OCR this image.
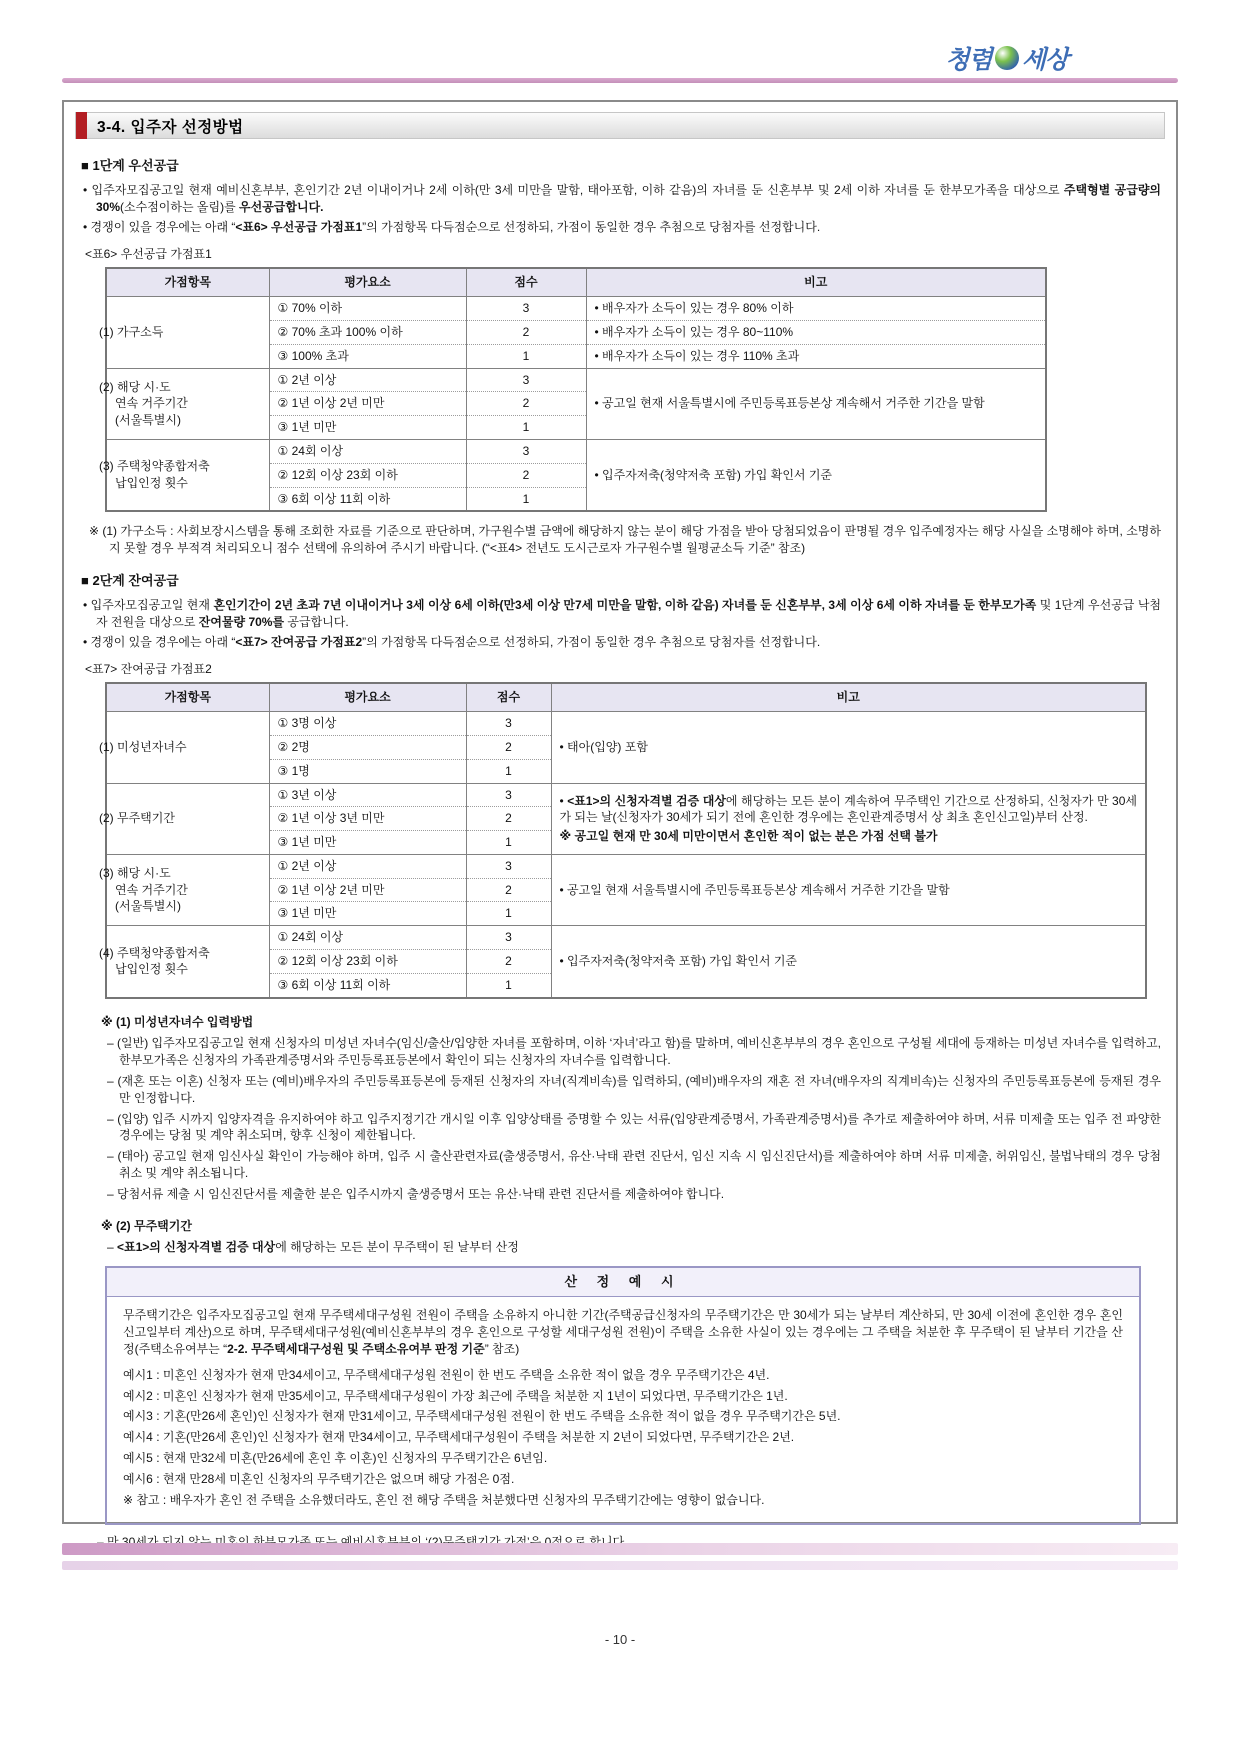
청렴 세상
3-4. 입주자 선정방법
■ 1단계 우선공급
• 입주자모집공고일 현재 예비신혼부부, 혼인기간 2년 이내이거나 2세 이하(만 3세 미만을 말함, 태아포함, 이하 같음)의 자녀를 둔 신혼부부 및 2세 이하 자녀를 둔 한부모가족을 대상으로 주택형별 공급량의 30%(소수점이하는 올림)를 우선공급합니다.
• 경쟁이 있을 경우에는 아래 “<표6> 우선공급 가점표1”의 가점항목 다득점순으로 선정하되, 가점이 동일한 경우 추첨으로 당첨자를 선정합니다.
<표6> 우선공급 가점표1
가점항목	평가요소	점수	비고
(1) 가구소득	① 70% 이하	3	• 배우자가 소득이 있는 경우 80% 이하
	② 70% 초과 100% 이하	2	• 배우자가 소득이 있는 경우 80~110%
	③ 100% 초과	1	• 배우자가 소득이 있는 경우 110% 초과
(2) 해당 시·도
연속 거주기간
(서울특별시)	① 2년 이상	3	• 공고일 현재 서울특별시에 주민등록표등본상 계속해서 거주한 기간을 말함
	② 1년 이상 2년 미만	2	
	③ 1년 미만	1	
(3) 주택청약종합저축
납입인정 횟수	① 24회 이상	3	• 입주자저축(청약저축 포함) 가입 확인서 기준
	② 12회 이상 23회 이하	2	
	③ 6회 이상 11회 이하	1	
※ (1) 가구소득 : 사회보장시스템을 통해 조회한 자료를 기준으로 판단하며, 가구원수별 금액에 해당하지 않는 분이 해당 가점을 받아 당첨되었음이 판명될 경우 입주예정자는 해당 사실을 소명해야 하며, 소명하지 못할 경우 부적격 처리되오니 점수 선택에 유의하여 주시기 바랍니다. (“<표4> 전년도 도시근로자 가구원수별 월평균소득 기준” 참조)
■ 2단계 잔여공급
• 입주자모집공고일 현재 혼인기간이 2년 초과 7년 이내이거나 3세 이상 6세 이하(만3세 이상 만7세 미만을 말함, 이하 같음) 자녀를 둔 신혼부부, 3세 이상 6세 이하 자녀를 둔 한부모가족 및 1단계 우선공급 낙첨자 전원을 대상으로 잔여물량 70%를 공급합니다.
• 경쟁이 있을 경우에는 아래 “<표7> 잔여공급 가점표2”의 가점항목 다득점순으로 선정하되, 가점이 동일한 경우 추첨으로 당첨자를 선정합니다.
<표7> 잔여공급 가점표2
가점항목	평가요소	점수	비고
(1) 미성년자녀수	① 3명 이상	3	• 태아(입양) 포함
	② 2명	2	
	③ 1명	1	
(2) 무주택기간	① 3년 이상	3	• <표1>의 신청자격별 검증 대상에 해당하는 모든 분이 계속하여 무주택인 기간으로 산정하되, 신청자가 만 30세가 되는 날(신청자가 30세가 되기 전에 혼인한 경우에는 혼인관계증명서 상 최초 혼인신고일)부터 산정.
※ 공고일 현재 만 30세 미만이면서 혼인한 적이 없는 분은 가점 선택 불가

	② 1년 이상 3년 미만	2	
	③ 1년 미만	1	
(3) 해당 시·도
연속 거주기간
(서울특별시)	① 2년 이상	3	• 공고일 현재 서울특별시에 주민등록표등본상 계속해서 거주한 기간을 말함
	② 1년 이상 2년 미만	2	
	③ 1년 미만	1	
(4) 주택청약종합저축
납입인정 횟수	① 24회 이상	3	• 입주자저축(청약저축 포함) 가입 확인서 기준
	② 12회 이상 23회 이하	2	
	③ 6회 이상 11회 이하	1	
※ (1) 미성년자녀수 입력방법
– (일반) 입주자모집공고일 현재 신청자의 미성년 자녀수(임신/출산/입양한 자녀를 포함하며, 이하 ‘자녀’라고 함)를 말하며, 예비신혼부부의 경우 혼인으로 구성될 세대에 등재하는 미성년 자녀수를 입력하고, 한부모가족은 신청자의 가족관계증명서와 주민등록표등본에서 확인이 되는 신청자의 자녀수를 입력합니다.
– (재혼 또는 이혼) 신청자 또는 (예비)배우자의 주민등록표등본에 등재된 신청자의 자녀(직계비속)를 입력하되, (예비)배우자의 재혼 전 자녀(배우자의 직계비속)는 신청자의 주민등록표등본에 등재된 경우만 인정합니다.
– (입양) 입주 시까지 입양자격을 유지하여야 하고 입주지정기간 개시일 이후 입양상태를 증명할 수 있는 서류(입양관계증명서, 가족관계증명서)를 추가로 제출하여야 하며, 서류 미제출 또는 입주 전 파양한 경우에는 당첨 및 계약 취소되며, 향후 신청이 제한됩니다.
– (태아) 공고일 현재 임신사실 확인이 가능해야 하며, 입주 시 출산관련자료(출생증명서, 유산·낙태 관련 진단서, 임신 지속 시 임신진단서)를 제출하여야 하며 서류 미제출, 허위임신, 불법낙태의 경우 당첨취소 및 계약 취소됩니다.
– 당첨서류 제출 시 임신진단서를 제출한 분은 입주시까지 출생증명서 또는 유산·낙태 관련 진단서를 제출하여야 합니다.
※ (2) 무주택기간
– <표1>의 신청자격별 검증 대상에 해당하는 모든 분이 무주택이 된 날부터 산정
산 정 예 시
무주택기간은 입주자모집공고일 현재 무주택세대구성원 전원이 주택을 소유하지 아니한 기간(주택공급신청자의 무주택기간은 만 30세가 되는 날부터 계산하되, 만 30세 이전에 혼인한 경우 혼인신고일부터 계산)으로 하며, 무주택세대구성원(예비신혼부부의 경우 혼인으로 구성할 세대구성원 전원)이 주택을 소유한 사실이 있는 경우에는 그 주택을 처분한 후 무주택이 된 날부터 기간을 산정(주택소유여부는 “2-2. 무주택세대구성원 및 주택소유여부 판정 기준” 참조)
예시1 : 미혼인 신청자가 현재 만34세이고, 무주택세대구성원 전원이 한 번도 주택을 소유한 적이 없을 경우 무주택기간은 4년.
예시2 : 미혼인 신청자가 현재 만35세이고, 무주택세대구성원이 가장 최근에 주택을 처분한 지 1년이 되었다면, 무주택기간은 1년.
예시3 : 기혼(만26세 혼인)인 신청자가 현재 만31세이고, 무주택세대구성원 전원이 한 번도 주택을 소유한 적이 없을 경우 무주택기간은 5년.
예시4 : 기혼(만26세 혼인)인 신청자가 현재 만34세이고, 무주택세대구성원이 주택을 처분한 지 2년이 되었다면, 무주택기간은 2년.
예시5 : 현재 만32세 미혼(만26세에 혼인 후 이혼)인 신청자의 무주택기간은 6년임.
예시6 : 현재 만28세 미혼인 신청자의 무주택기간은 없으며 해당 가점은 0점.
※ 참고 : 배우자가 혼인 전 주택을 소유했더라도, 혼인 전 해당 주택을 처분했다면 신청자의 무주택기간에는 영향이 없습니다.
- 10 -
